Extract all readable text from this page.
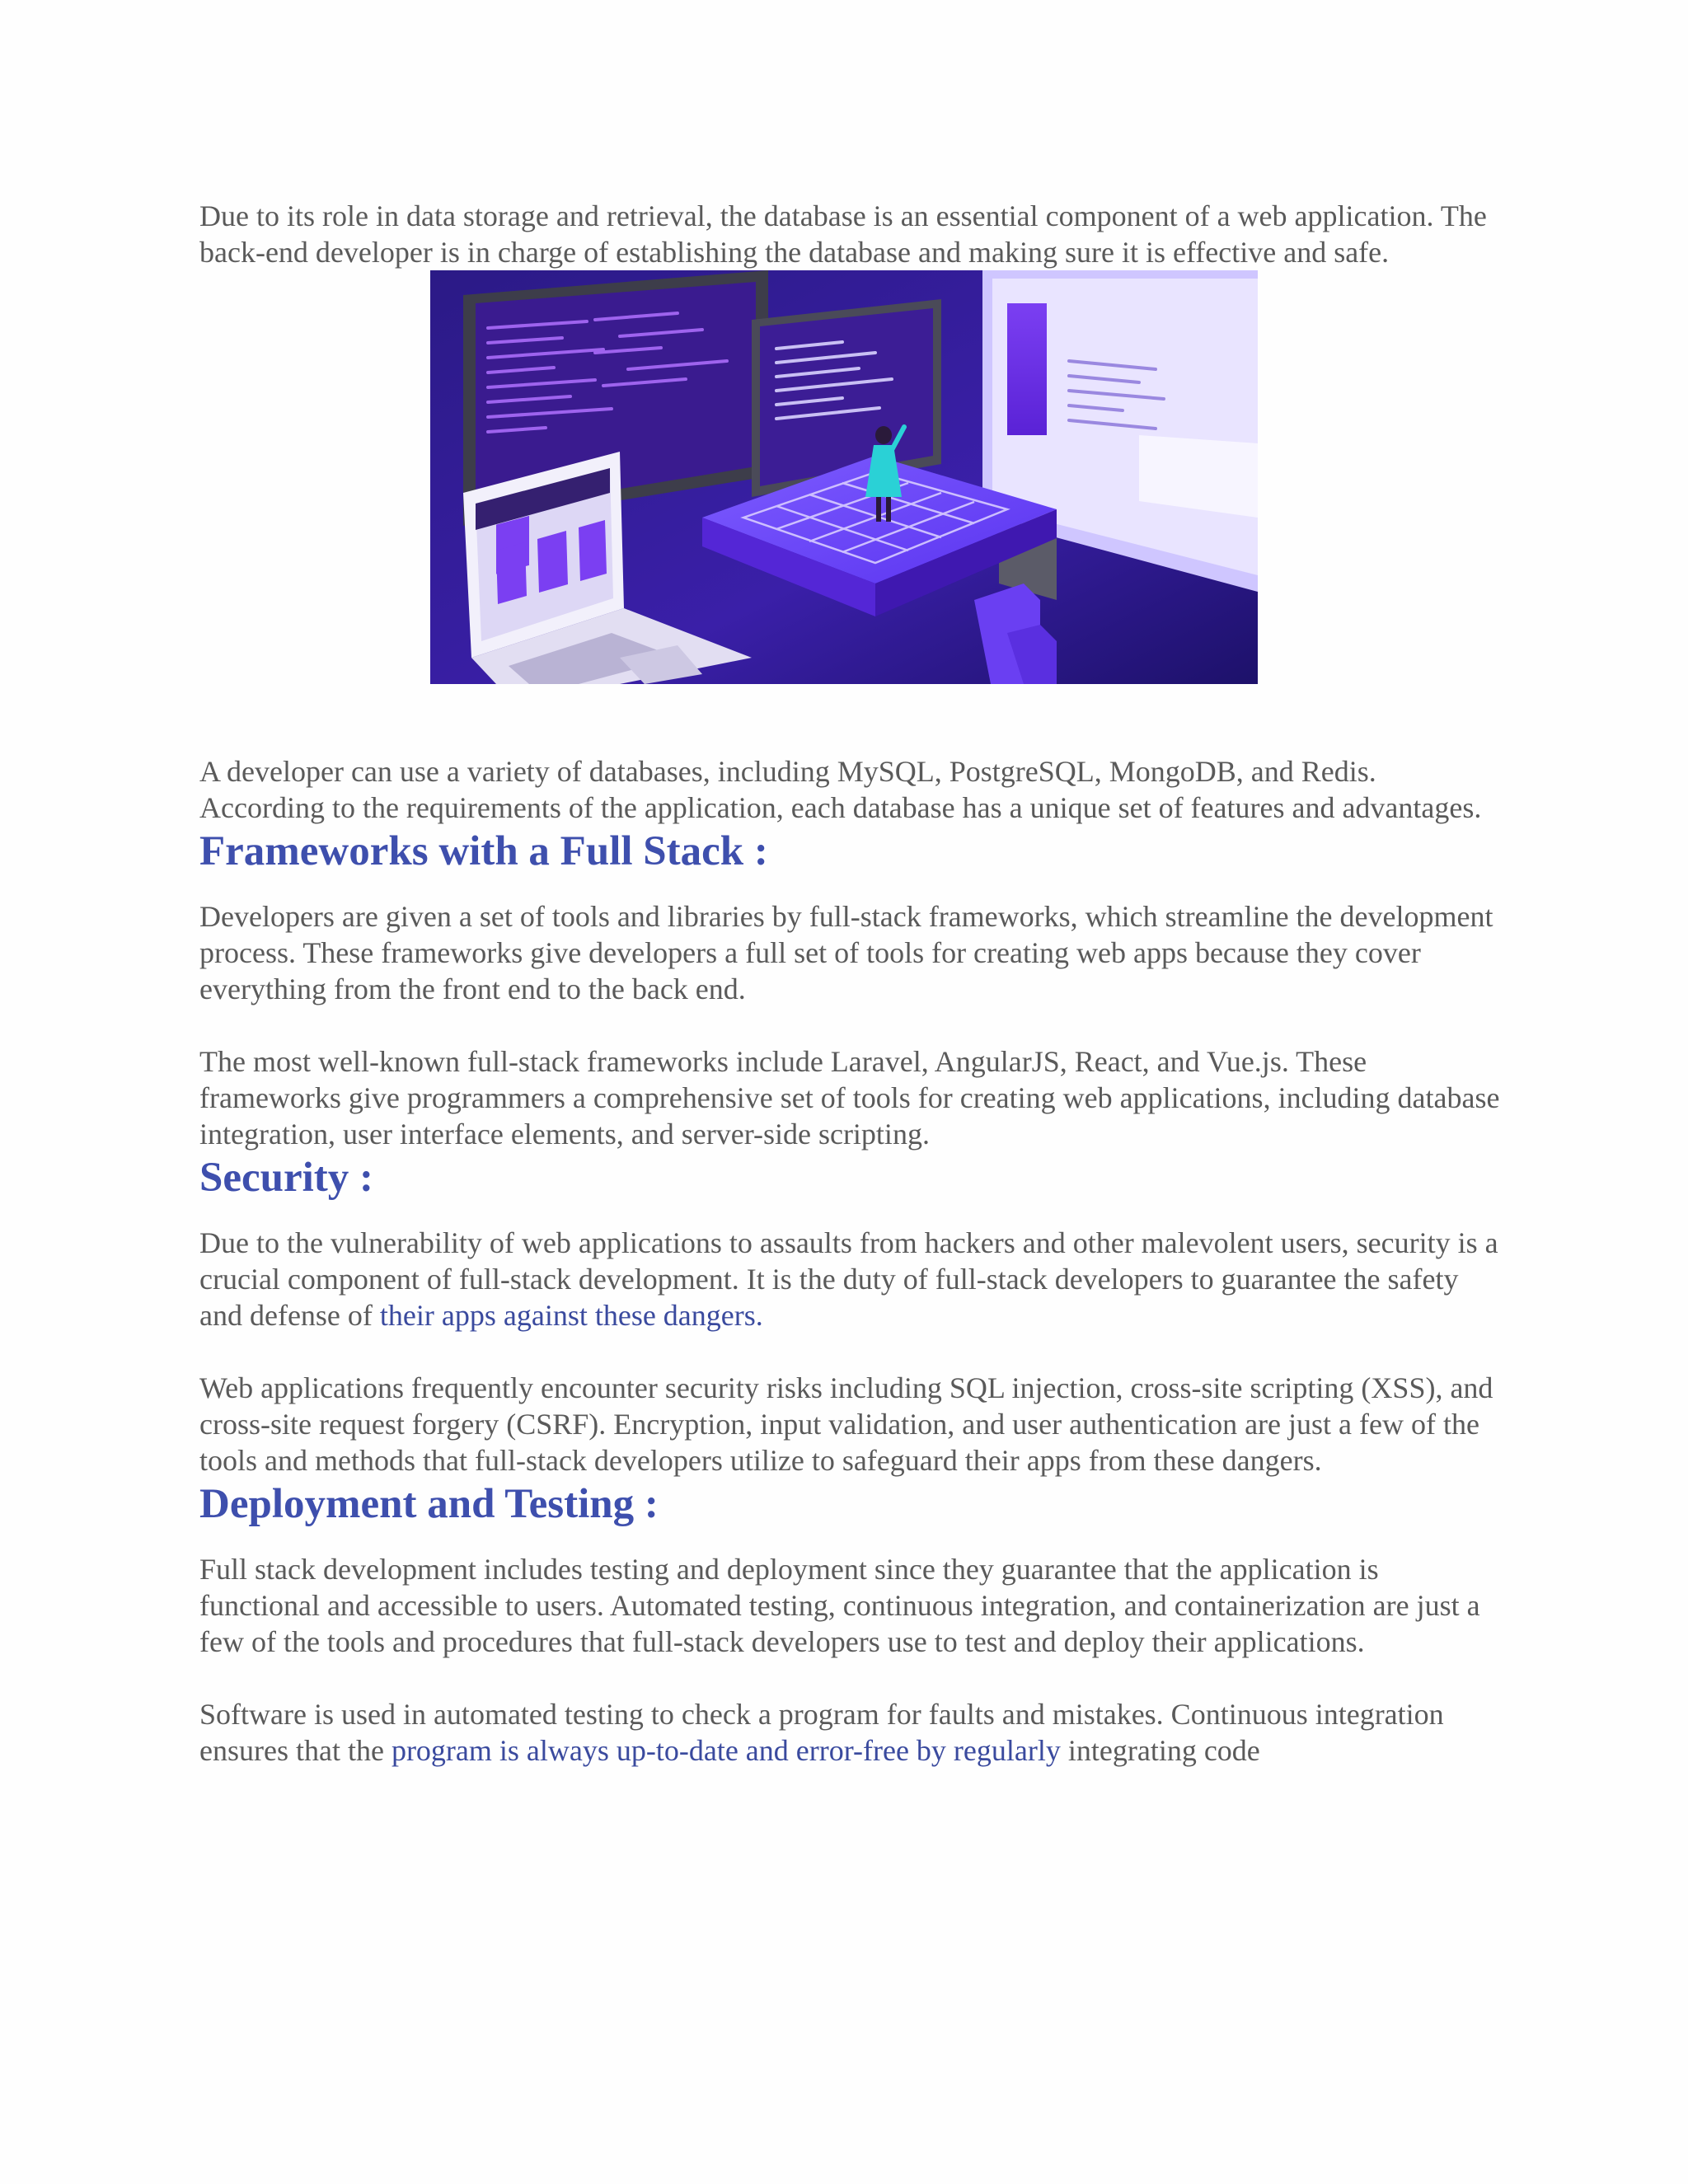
Due to its role in data storage and retrieval, the database is an essential component of a web application. The back-end developer is in charge of establishing the database and making sure it is effective and safe.

A developer can use a variety of databases, including MySQL, PostgreSQL, MongoDB, and Redis. According to the requirements of the application, each database has a unique set of features and advantages.

Frameworks with a Full Stack :

Developers are given a set of tools and libraries by full-stack frameworks, which streamline the development process. These frameworks give developers a full set of tools for creating web apps because they cover everything from the front end to the back end.

The most well-known full-stack frameworks include Laravel, AngularJS, React, and Vue.js. These frameworks give programmers a comprehensive set of tools for creating web applications, including database integration, user interface elements, and server-side scripting.

Security :

Due to the vulnerability of web applications to assaults from hackers and other malevolent users, security is a crucial component of full-stack development. It is the duty of full-stack developers to guarantee the safety and defense of their apps against these dangers.

Web applications frequently encounter security risks including SQL injection, cross-site scripting (XSS), and cross-site request forgery (CSRF). Encryption, input validation, and user authentication are just a few of the tools and methods that full-stack developers utilize to safeguard their apps from these dangers.

Deployment and Testing :

Full stack development includes testing and deployment since they guarantee that the application is functional and accessible to users. Automated testing, continuous integration, and containerization are just a few of the tools and procedures that full-stack developers use to test and deploy their applications.

Software is used in automated testing to check a program for faults and mistakes. Continuous integration ensures that the program is always up-to-date and error-free by regularly integrating code
